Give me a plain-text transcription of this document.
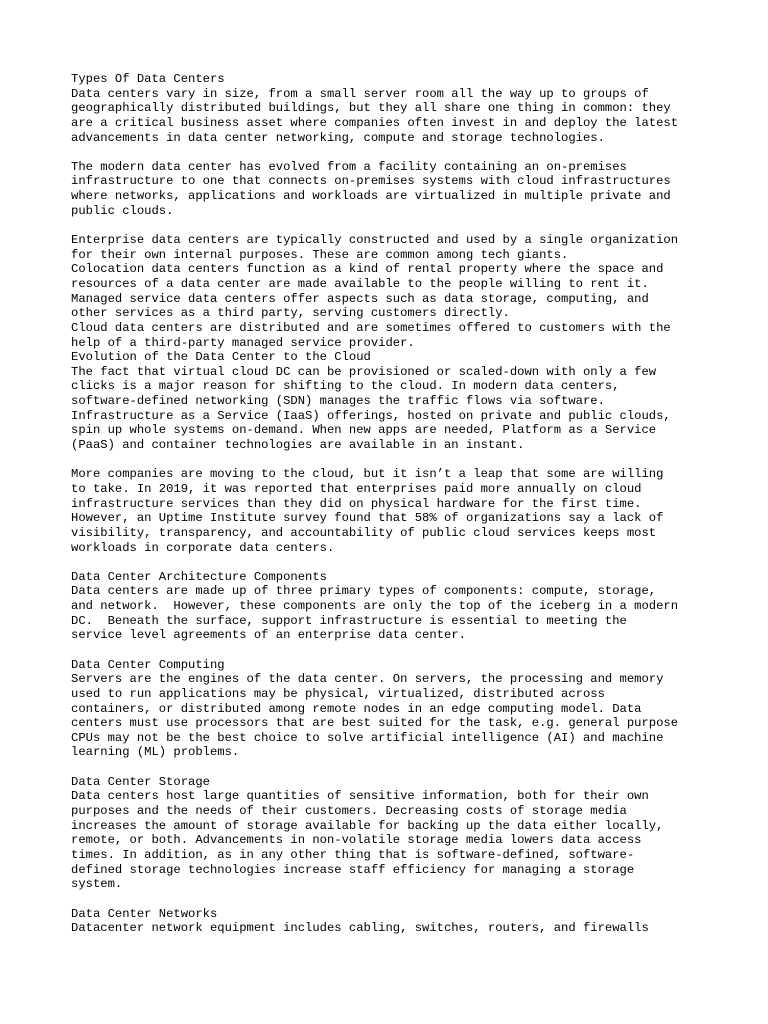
Types Of Data Centers
Data centers vary in size, from a small server room all the way up to groups of
geographically distributed buildings, but they all share one thing in common: they
are a critical business asset where companies often invest in and deploy the latest
advancements in data center networking, compute and storage technologies.
The modern data center has evolved from a facility containing an on-premises
infrastructure to one that connects on-premises systems with cloud infrastructures
where networks, applications and workloads are virtualized in multiple private and
public clouds.
Enterprise data centers are typically constructed and used by a single organization
for their own internal purposes. These are common among tech giants.
Colocation data centers function as a kind of rental property where the space and
resources of a data center are made available to the people willing to rent it.
Managed service data centers offer aspects such as data storage, computing, and
other services as a third party, serving customers directly.
Cloud data centers are distributed and are sometimes offered to customers with the
help of a third-party managed service provider.
Evolution of the Data Center to the Cloud
The fact that virtual cloud DC can be provisioned or scaled-down with only a few
clicks is a major reason for shifting to the cloud. In modern data centers,
software-defined networking (SDN) manages the traffic flows via software.
Infrastructure as a Service (IaaS) offerings, hosted on private and public clouds,
spin up whole systems on-demand. When new apps are needed, Platform as a Service
(PaaS) and container technologies are available in an instant.
More companies are moving to the cloud, but it isn’t a leap that some are willing
to take. In 2019, it was reported that enterprises paid more annually on cloud
infrastructure services than they did on physical hardware for the first time.
However, an Uptime Institute survey found that 58% of organizations say a lack of
visibility, transparency, and accountability of public cloud services keeps most
workloads in corporate data centers.
Data Center Architecture Components
Data centers are made up of three primary types of components: compute, storage,
and network.  However, these components are only the top of the iceberg in a modern
DC.  Beneath the surface, support infrastructure is essential to meeting the
service level agreements of an enterprise data center.
Data Center Computing
Servers are the engines of the data center. On servers, the processing and memory
used to run applications may be physical, virtualized, distributed across
containers, or distributed among remote nodes in an edge computing model. Data
centers must use processors that are best suited for the task, e.g. general purpose
CPUs may not be the best choice to solve artificial intelligence (AI) and machine
learning (ML) problems.
Data Center Storage
Data centers host large quantities of sensitive information, both for their own
purposes and the needs of their customers. Decreasing costs of storage media
increases the amount of storage available for backing up the data either locally,
remote, or both. Advancements in non-volatile storage media lowers data access
times. In addition, as in any other thing that is software-defined, software-
defined storage technologies increase staff efficiency for managing a storage
system.
Data Center Networks
Datacenter network equipment includes cabling, switches, routers, and firewalls
